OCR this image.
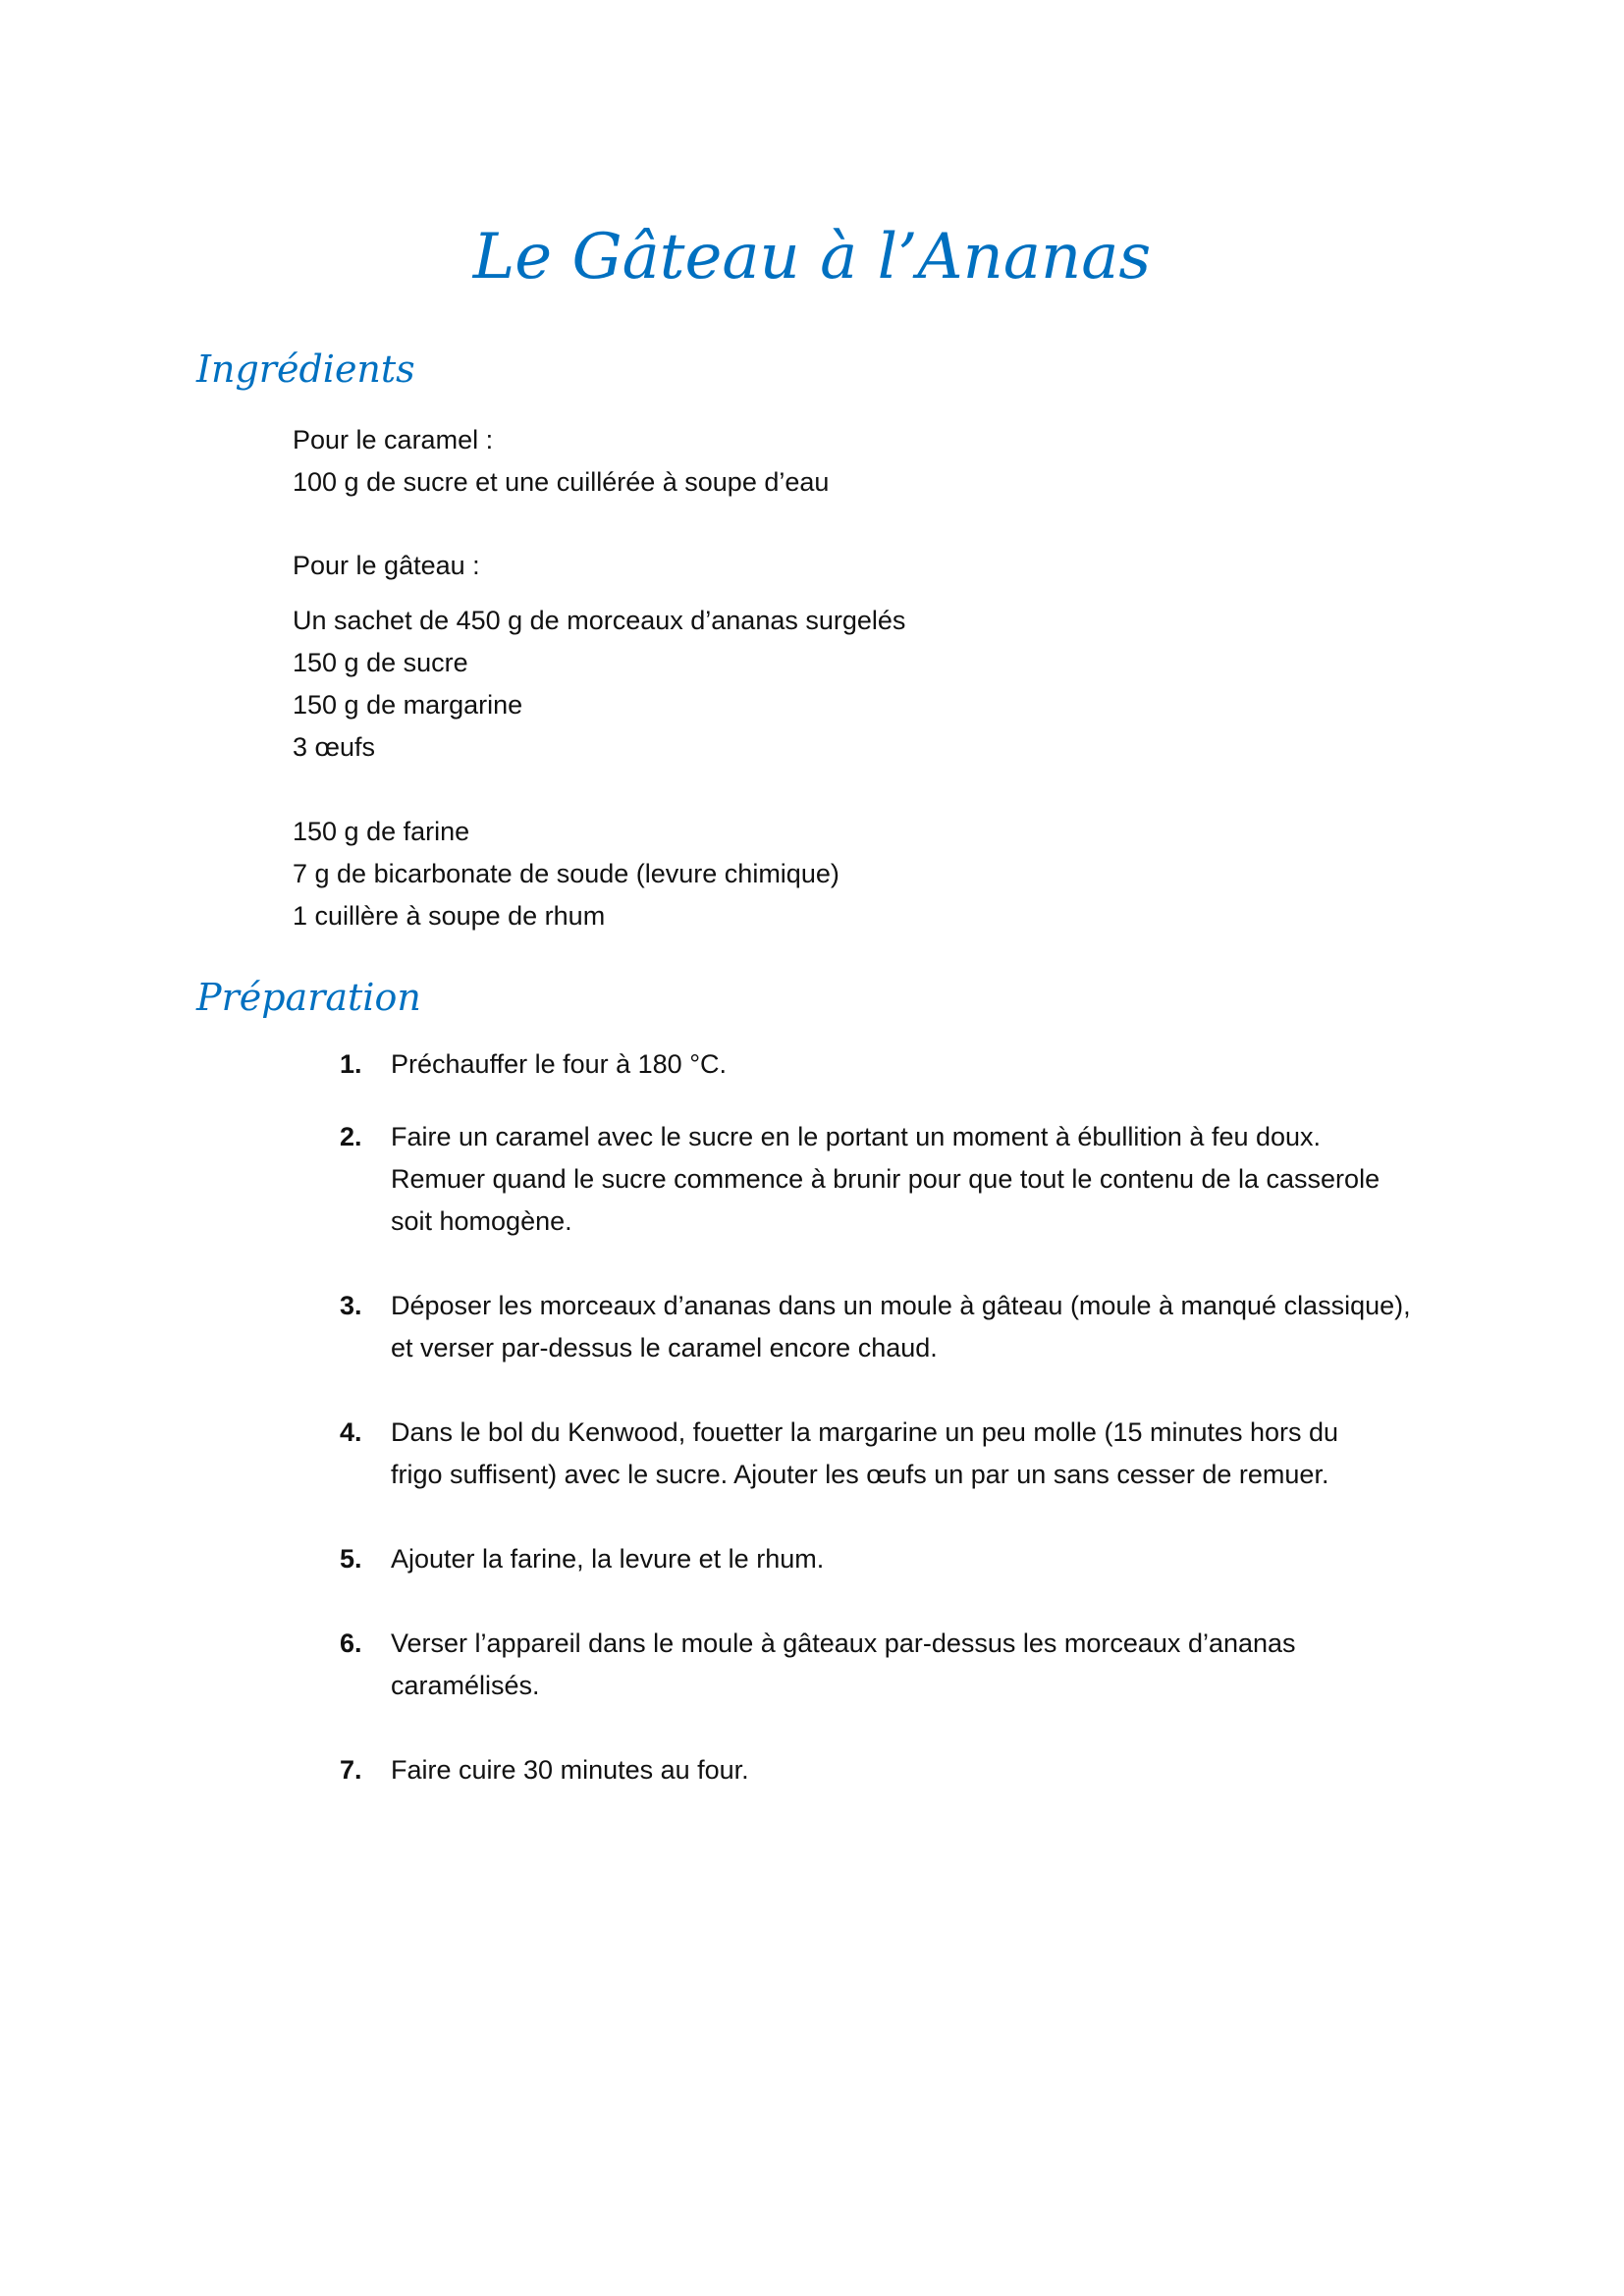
Le Gâteau à l’Ananas
Ingrédients
Pour le caramel :
100 g de sucre et une cuillérée à soupe d’eau
Pour le gâteau :
Un sachet de 450 g de morceaux d’ananas surgelés
150 g de sucre
150 g de margarine
3 œufs
150 g de farine
7 g de bicarbonate de soude (levure chimique)
1 cuillère à soupe de rhum
Préparation
1.	Préchauffer le four à 180 °C.
2.	Faire un caramel avec le sucre en le portant un moment à ébullition à feu doux.
Remuer quand le sucre commence à brunir pour que tout le contenu de la casserole
soit homogène.
3.	Déposer les morceaux d’ananas dans un moule à gâteau (moule à manqué classique),
et verser par-dessus le caramel encore chaud.
4.	Dans le bol du Kenwood, fouetter la margarine un peu molle (15 minutes hors du
frigo suffisent) avec le sucre. Ajouter les œufs un par un sans cesser de remuer.
5.	Ajouter la farine, la levure et le rhum.
6.	Verser l’appareil dans le moule à gâteaux par-dessus les morceaux d’ananas
caramélisés.
7.	Faire cuire 30 minutes au four.
